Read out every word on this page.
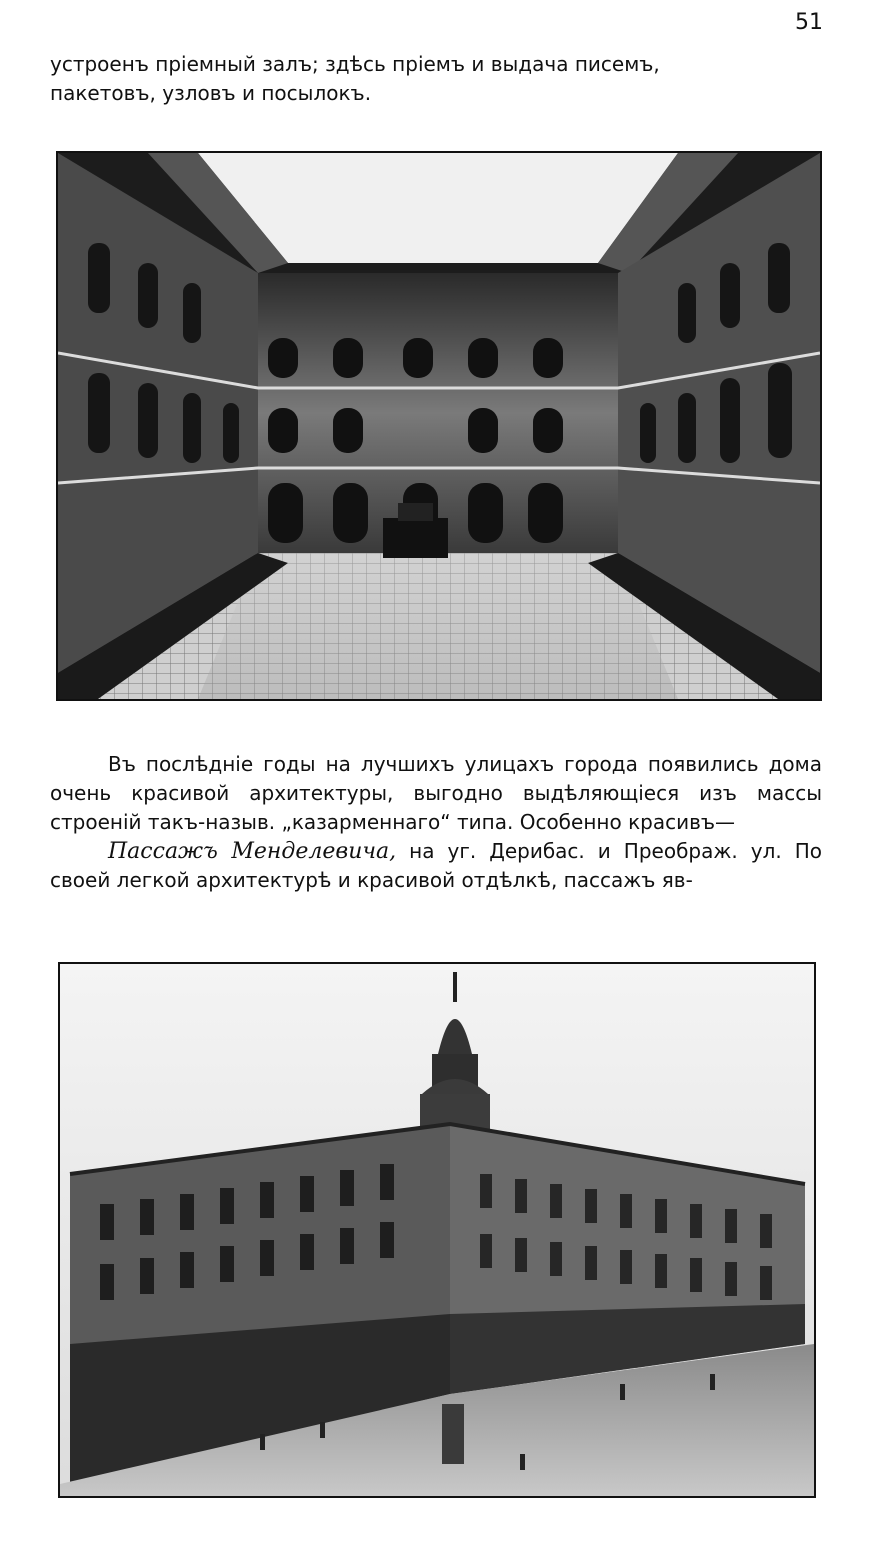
51

устроенъ пріемный залъ; здѣсь пріемъ и выдача писемъ,

пакетовъ, узловъ и посылокъ.

Въ послѣдніе годы на лучшихъ улицахъ города появились дома очень красивой архитектуры, выгодно выдѣляющіеся изъ массы строеній такъ-назыв. „казарменнаго“ типа. Особенно красивъ—

Пассажъ Менделевича, на уг. Дерибас. и Преображ. ул. По своей легкой архитектурѣ и красивой отдѣлкѣ, пассажъ яв-
